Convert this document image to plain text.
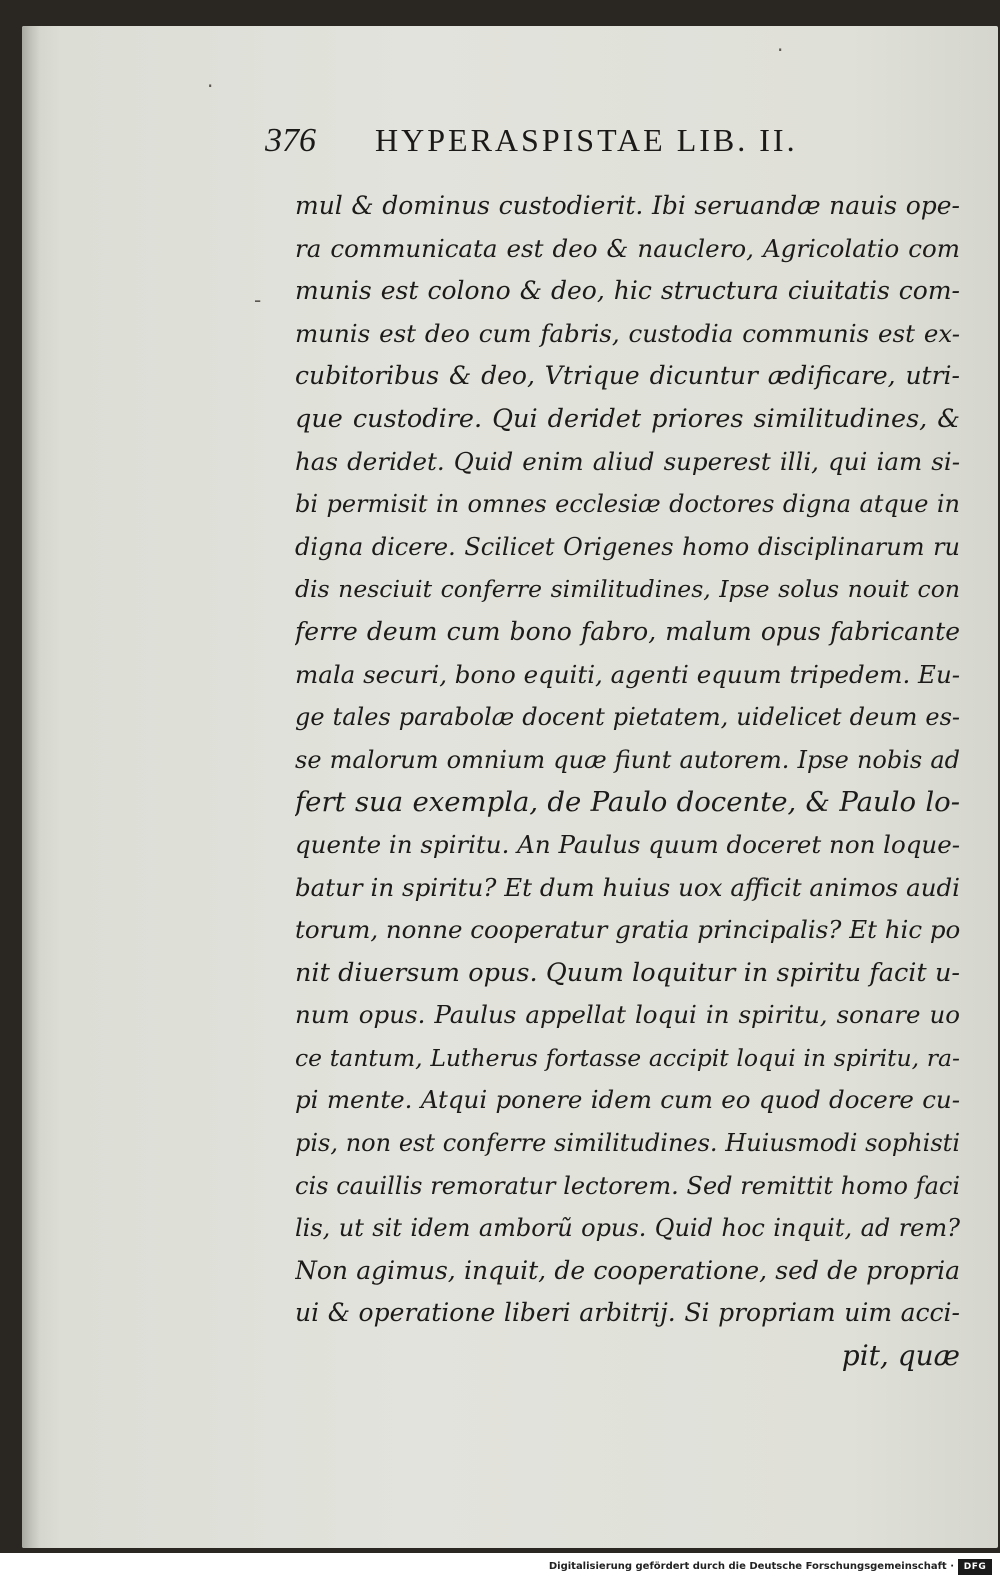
·
·
-
376 HYPERASPISTAE LIB. II.
mul & dominus custodierit. Ibi seruandæ nauis ope-
ra communicata est deo & nauclero, Agricolatio com
munis est colono & deo, hic structura ciuitatis com-
munis est deo cum fabris, custodia communis est ex-
cubitoribus & deo, Vtrique dicuntur ædificare, utri-
que custodire. Qui deridet priores similitudines, &
has deridet. Quid enim aliud superest illi, qui iam si-
bi permisit in omnes ecclesiæ doctores digna atque in
digna dicere. Scilicet Origenes homo disciplinarum ru
dis nesciuit conferre similitudines, Ipse solus nouit con
ferre deum cum bono fabro, malum opus fabricante
mala securi, bono equiti, agenti equum tripedem. Eu-
ge tales parabolæ docent pietatem, uidelicet deum es-
se malorum omnium quæ fiunt autorem. Ipse nobis ad
fert sua exempla, de Paulo docente, & Paulo lo-
quente in spiritu. An Paulus quum doceret non loque-
batur in spiritu? Et dum huius uox afficit animos audi
torum, nonne cooperatur gratia principalis? Et hic po
nit diuersum opus. Quum loquitur in spiritu facit u-
num opus. Paulus appellat loqui in spiritu, sonare uo
ce tantum, Lutherus fortasse accipit loqui in spiritu, ra-
pi mente. Atqui ponere idem cum eo quod docere cu-
pis, non est conferre similitudines. Huiusmodi sophisti
cis cauillis remoratur lectorem. Sed remittit homo faci
lis, ut sit idem amborũ opus. Quid hoc inquit, ad rem?
Non agimus, inquit, de cooperatione, sed de propria
ui & operatione liberi arbitrij. Si propriam uim acci-
pit, quæ
Digitalisierung gefördert durch die Deutsche Forschungsgemeinschaft ·	DFG
